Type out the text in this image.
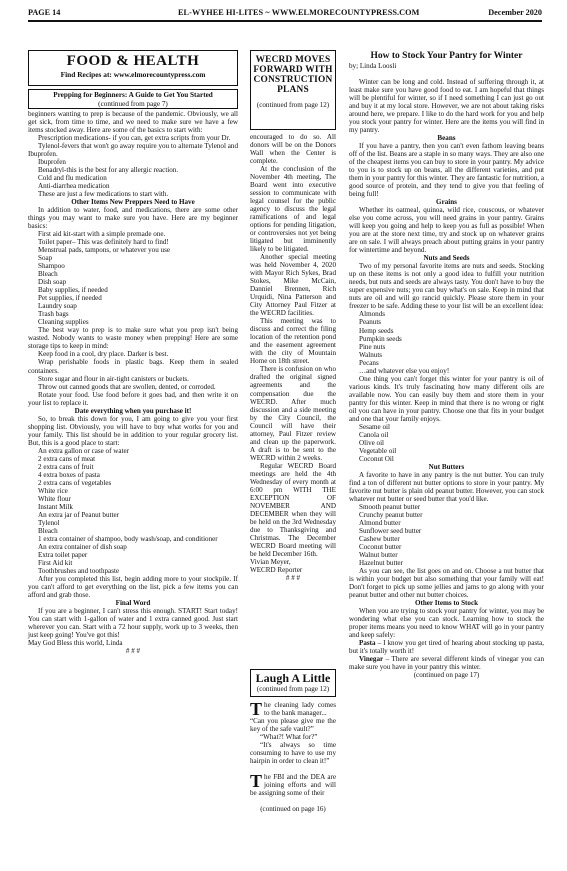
PAGE 14	EL-WYHEE HI-LITES ~ WWW.ELMORECOUNTYPRESS.COM	December 2020
FOOD & HEALTH
Find Recipes at: www.elmorecountypress.com
Prepping for Beginners: A Guide to Get You Started
(continued from page 7)

beginners wanting to prep is because of the pandemic. Obviously, we all get sick, from time to time, and we need to make sure we have a few items stocked away. Here are some of the basics to start with:

Prescription medications- if you can, get extra scripts from your Dr.

Tylenol-fevers that won't go away require you to alternate Tylenol and Ibuprofen.

Ibuprofen

Benadryl-this is the best for any allergic reaction.

Cold and flu medication

Anti-diarrhea medication

These are just a few medications to start with.

Other Items New Preppers Need to Have

In addition to water, food, and medications, there are some other things you may want to make sure you have. Here are my beginner basics:

First aid kit-start with a simple premade one.

Toilet paper– This was definitely hard to find!

Menstrual pads, tampons, or whatever you use

Soap

Shampoo

Bleach

Dish soap

Baby supplies, if needed

Pet supplies, if needed

Laundry soap

Trash bags

Cleaning supplies

The best way to prep is to make sure what you prep isn't being wasted. Nobody wants to waste money when prepping! Here are some storage tips to keep in mind:

Keep food in a cool, dry place. Darker is best.

Wrap perishable foods in plastic bags. Keep them in sealed containers.

Store sugar and flour in air-tight canisters or buckets.

Throw out canned goods that are swollen, dented, or corroded.

Rotate your food. Use food before it goes bad, and then write it on your list to replace it.

Date everything when you purchase it!

So, to break this down for you, I am going to give you your first shopping list. Obviously, you will have to buy what works for you and your family. This list should be in addition to your regular grocery list. But, this is a good place to start:

An extra gallon or case of water

2 extra cans of meat

2 extra cans of fruit

4 extra boxes of pasta

2 extra cans of vegetables

White rice

White flour

Instant Milk

An extra jar of Peanut butter

Tylenol

Bleach

1 extra container of shampoo, body wash/soap, and conditioner

An extra container of dish soap

Extra toilet paper

First Aid kit

Toothbrushes and toothpaste

After you completed this list, begin adding more to your stockpile. If you can't afford to get everything on the list, pick a few items you can afford and grab those.

Final Word

If you are a beginner, I can't stress this enough. START! Start today! You can start with 1-gallon of water and 1 extra canned good. Just start wherever you can. Start with a 72 hour supply, work up to 3 weeks, then just keep going! You've got this!

May God Bless this world, Linda

# # #

WECRD MOVES FORWARD WITH CONSTRUCTION PLANS
(continued from page 12)

encouraged to do so. All donors will be on the Donors Wall when the Center is complete.

At the conclusion of the November 4th meeting, The Board went into executive session to communicate with legal counsel for the public agency to discuss the legal ramifications of and legal options for pending litigation, or controversies not yet being litigated but imminently likely to be litigated.

Another special meeting was held November 4, 2020 with Mayor Rich Sykes, Brad Stokes, Mike McCain, Danniel Brennen, Rich Urquidi, Nina Patterson and City Attorney Paul Fitzer at the WECRD facilities.

This meeting was to discuss and correct the filing location of the retention pond and the easement agreement with the city of Mountain Home on 18th street.

There is confusion on who drafted the original signed agreements and the compensation due the WECRD. After much discussion and a side meeting by the City Council, the Council will have their attorney, Paul Fitzer review and clean up the paperwork. A draft is to be sent to the WECRD within 2 weeks.

Regular WECRD Board meetings are held the 4th Wednesday of every month at 6:00 pm WITH THE EXCEPTION OF NOVEMBER AND DECEMBER when they will be held on the 3rd Wednesday due to Thanksgiving and Christmas. The December WECRD Board meeting will be held December 16th.

Vivian Meyer,

WECRD Reporter

# # #

Laugh A Little
(continued from page 12)

The cleaning lady comes to the bank manager...

“Can you please give me the key of the safe vault?”

“What?! What for?”

“It's always so time consuming to have to use my hairpin in order to clean it!”

The FBI and the DEA are joining efforts and will be assigning some of their

(continued on page 16)

How to Stock Your Pantry for Winter

by; Linda Loosli

Winter can be long and cold. Instead of suffering through it, at least make sure you have good food to eat. I am hopeful that things will be plentiful for winter, so if I need something I can just go out and buy it at my local store. However, we are not about taking risks around here, we prepare. I like to do the hard work for you and help you stock your pantry for winter. Here are the items you will find in my pantry.

Beans

If you have a pantry, then you can't even fathom leaving beans off of the list. Beans are a staple in so many ways. They are also one of the cheapest items you can buy to store in your pantry. My advice to you is to stock up on beans, all the different varieties, and put them in your pantry for this winter. They are fantastic for nutrition, a good source of protein, and they tend to give you that feeling of being full!

Grains

Whether its oatmeal, quinoa, wild rice, couscous, or whatever else you come across, you will need grains in your pantry. Grains will keep you going and help to keep you as full as possible! When you are at the store next time, try and stock up on whatever grains are on sale. I will always preach about putting grains in your pantry for wintertime and beyond.

Nuts and Seeds

Two of my personal favorite items are nuts and seeds. Stocking up on these items is not only a good idea to fulfill your nutrition needs, but nuts and seeds are always tasty. You don't have to buy the super expensive nuts; you can buy what's on sale. Keep in mind that nuts are oil and will go rancid quickly. Please store them in your freezer to be safe. Adding these to your list will be an excellent idea:

Almonds

Peanuts

Hemp seeds

Pumpkin seeds

Pine nuts

Walnuts

Pecans

…and whatever else you enjoy!

One thing you can't forget this winter for your pantry is oil of various kinds. It's truly fascinating how many different oils are available now. You can easily buy them and store them in your pantry for this winter. Keep in mind that there is no wrong or right oil you can have in your pantry. Choose one that fits in your budget and one that your family enjoys.

Sesame oil

Canola oil

Olive oil

Vegetable oil

Coconut Oil

Nut Butters

A favorite to have in any pantry is the nut butter. You can truly find a ton of different nut butter options to store in your pantry. My favorite nut butter is plain old peanut butter. However, you can stock whatever nut butter or seed butter that you'd like.

Smooth peanut butter

Crunchy peanut butter

Almond butter

Sunflower seed butter

Cashew butter

Coconut butter

Walnut butter

Hazelnut butter

As you can see, the list goes on and on. Choose a nut butter that is within your budget but also something that your family will eat! Don't forget to pick up some jellies and jams to go along with your peanut butter and other nut butter choices.

Other Items to Stock

When you are trying to stock your pantry for winter, you may be wondering what else you can stock. Learning how to stock the proper items means you need to know WHAT will go in your pantry and keep safely:

Pasta – I know you get tired of hearing about stocking up pasta, but it's totally worth it!

Vinegar – There are several different kinds of vinegar you can make sure you have in your pantry this winter.

(continued on page 17)
